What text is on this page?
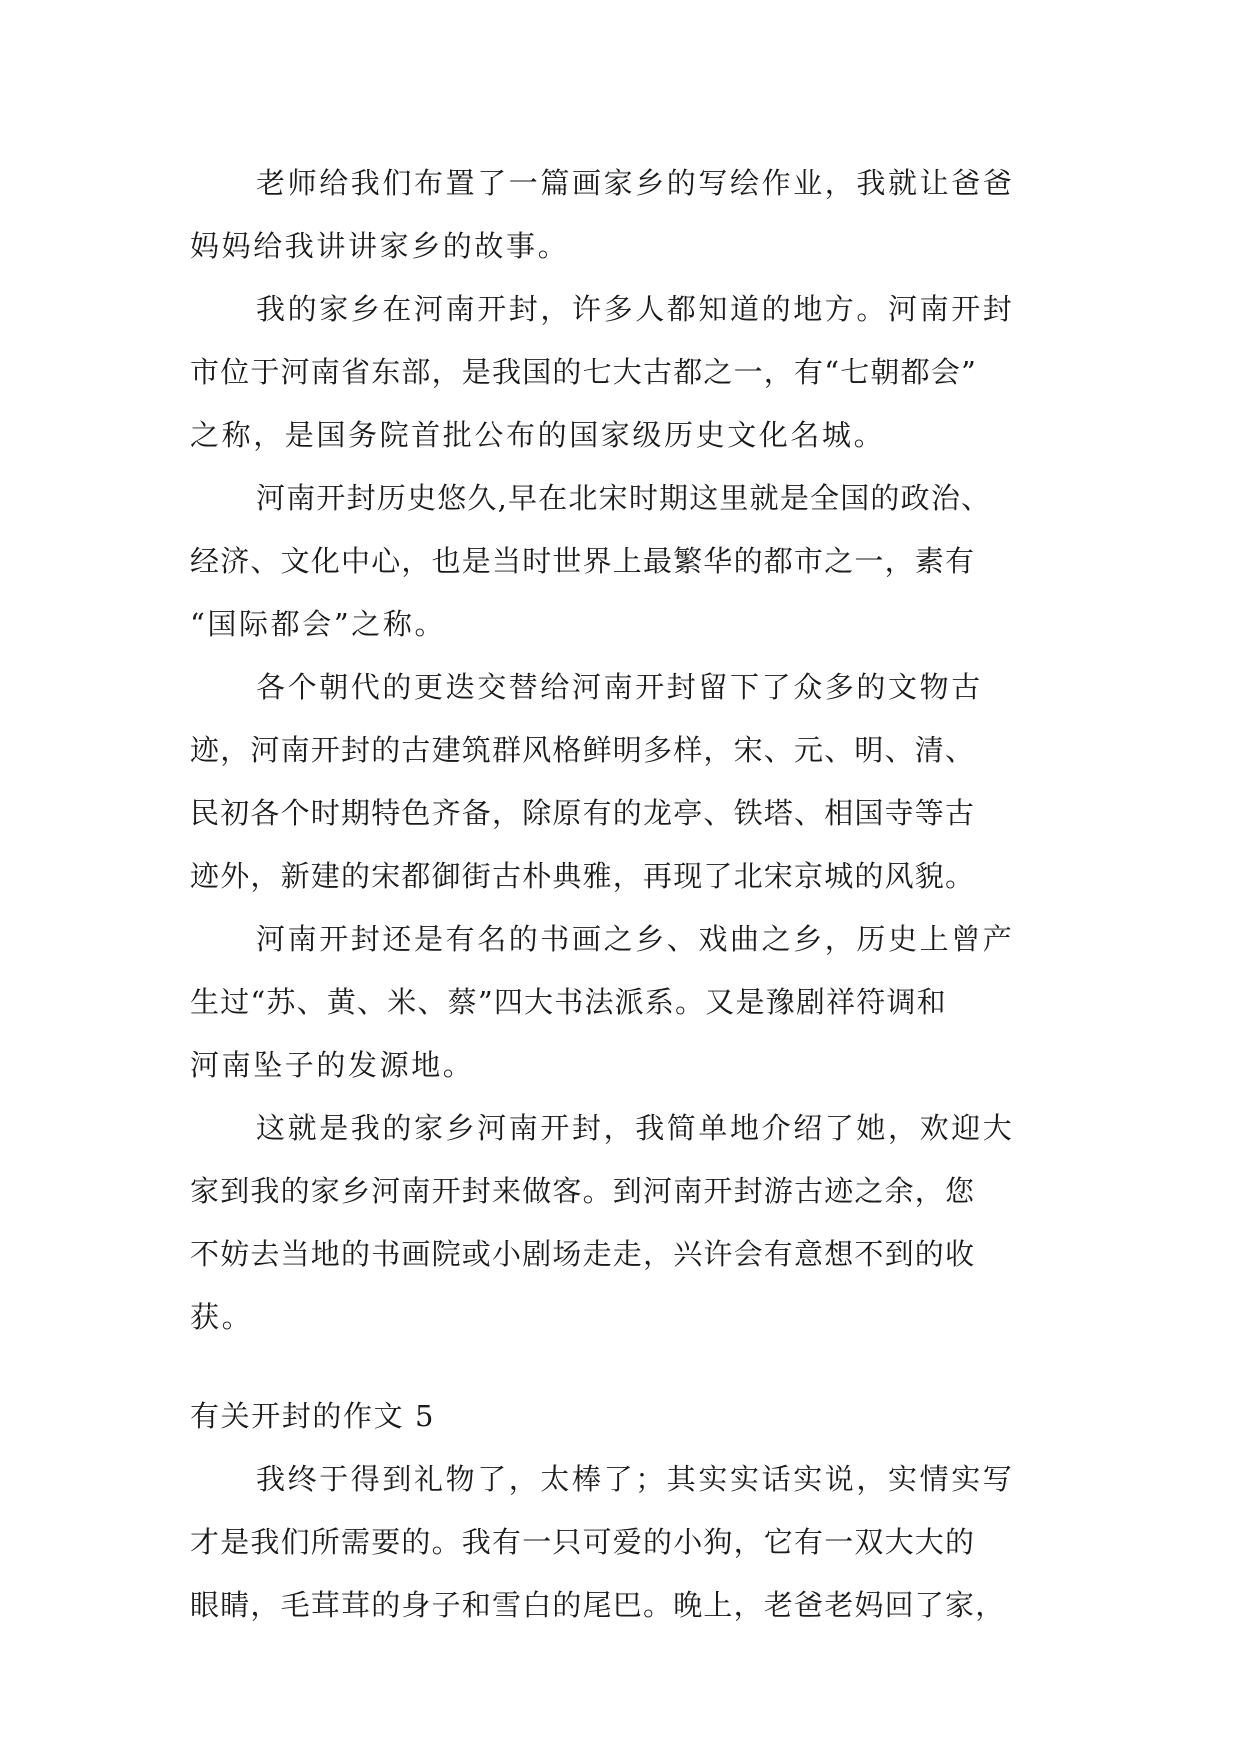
老师给我们布置了一篇画家乡的写绘作业，我就让爸爸
妈妈给我讲讲家乡的故事。
我的家乡在河南开封，许多人都知道的地方。河南开封
市位于河南省东部，是我国的七大古都之一，有“七朝都会”
之称，是国务院首批公布的国家级历史文化名城。
河南开封历史悠久,早在北宋时期这里就是全国的政治、
经济、文化中心，也是当时世界上最繁华的都市之一，素有
“国际都会”之称。
各个朝代的更迭交替给河南开封留下了众多的文物古
迹，河南开封的古建筑群风格鲜明多样，宋、元、明、清、
民初各个时期特色齐备，除原有的龙亭、铁塔、相国寺等古
迹外，新建的宋都御街古朴典雅，再现了北宋京城的风貌。
河南开封还是有名的书画之乡、戏曲之乡，历史上曾产
生过“苏、黄、米、蔡”四大书法派系。又是豫剧祥符调和
河南坠子的发源地。
这就是我的家乡河南开封，我简单地介绍了她，欢迎大
家到我的家乡河南开封来做客。到河南开封游古迹之余，您
不妨去当地的书画院或小剧场走走，兴许会有意想不到的收
获。
有关开封的作文 5
我终于得到礼物了，太棒了；其实实话实说，实情实写
才是我们所需要的。我有一只可爱的小狗，它有一双大大的
眼睛，毛茸茸的身子和雪白的尾巴。晚上，老爸老妈回了家，
